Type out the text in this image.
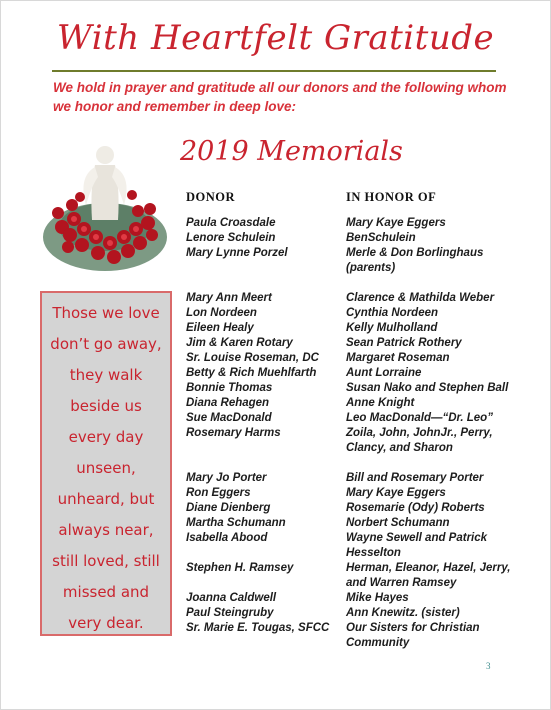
With Heartfelt Gratitude
We hold in prayer and gratitude all our donors and the following whom we honor and remember in deep love:
2019 Memorials
Those we love
don’t go away,
they walk
beside us
every day
unseen,
unheard, but
always near,
still loved, still
missed and
very dear.
DONOR	IN HONOR OF
Paula Croasdale
Lenore Schulein
Mary Lynne Porzel
Mary Ann Meert
Lon Nordeen
Eileen Healy
Jim & Karen Rotary
Sr. Louise Roseman, DC
Betty & Rich Muehlfarth
Bonnie Thomas
Diana Rehagen
Sue MacDonald
Rosemary Harms
Mary Jo Porter
Ron Eggers
Diane Dienberg
Martha Schumann
Isabella Abood
Stephen H. Ramsey
Joanna Caldwell
Paul Steingruby
Sr. Marie E. Tougas, SFCC
Mary Kaye Eggers
BenSchulein
Merle & Don Borlinghaus
(parents)
Clarence & Mathilda Weber
Cynthia Nordeen
Kelly Mulholland
Sean Patrick Rothery
Margaret Roseman
Aunt Lorraine
Susan Nako and Stephen Ball
Anne Knight
Leo MacDonald—“Dr. Leo”
Zoila, John, JohnJr., Perry,
Clancy, and Sharon
Bill and Rosemary Porter
Mary Kaye Eggers
Rosemarie (Ody) Roberts
Norbert Schumann
Wayne Sewell and Patrick
Hesselton
Herman, Eleanor, Hazel, Jerry,
and Warren Ramsey
Mike Hayes
Ann Knewitz. (sister)
Our Sisters for Christian
Community
3
